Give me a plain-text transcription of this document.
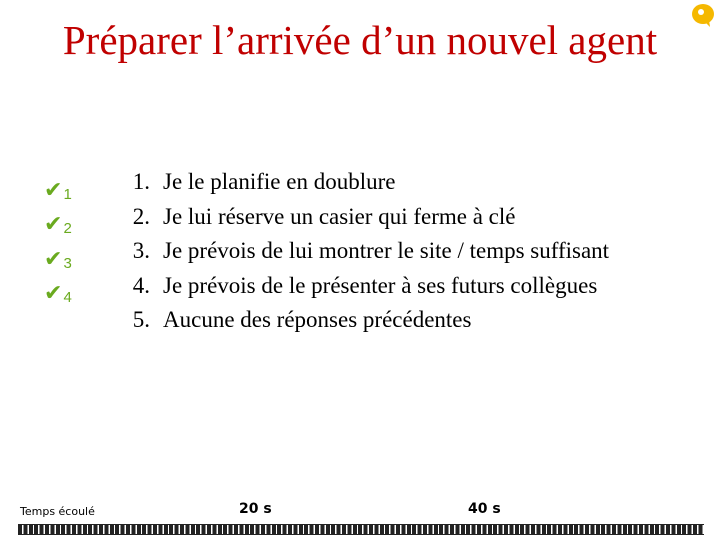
Préparer l’arrivée d’un nouvel agent
✔ 1
✔ 2
✔ 3
✔ 4
1. Je le planifie en doublure
2. Je lui réserve un casier qui ferme à clé
3. Je prévois de lui montrer le site / temps suffisant
4. Je prévois de le présenter à ses futurs collègues
5. Aucune des réponses précédentes
Temps écoulé	20 s	40 s
